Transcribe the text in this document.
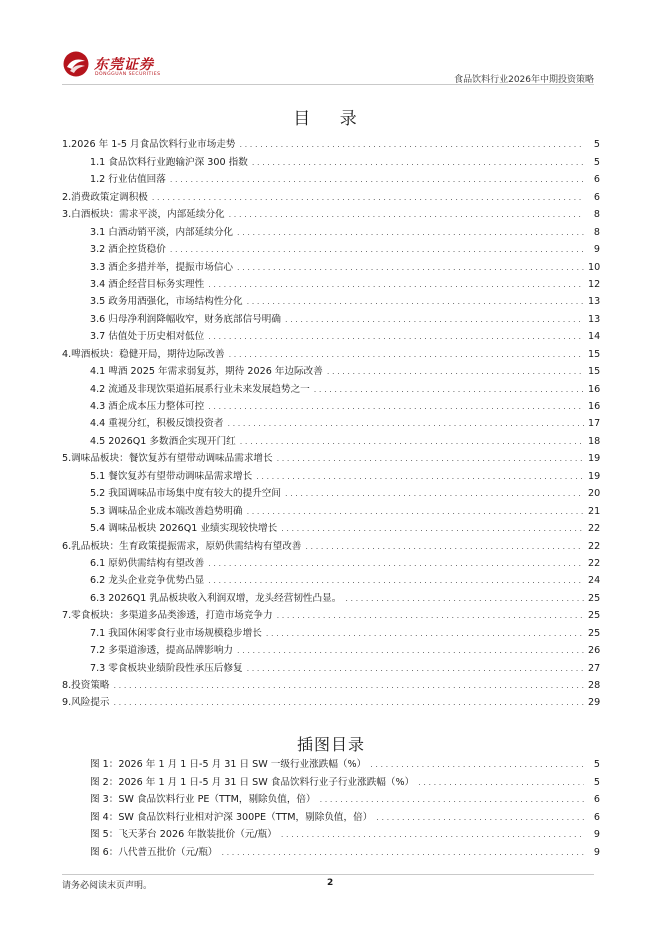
东莞证券
DONGGUAN SECURITIES
食品饮料行业2026年中期投资策略
目 录
1.2026 年 1-5 月食品饮料行业市场走势 .....	5
1.1 食品饮料行业跑输沪深 300 指数 .....	5
1.2 行业估值回落 .....	6
2.消费政策定调积极 .....	6
3.白酒板块：需求平淡，内部延续分化 .....	8
3.1 白酒动销平淡，内部延续分化 .....	8
3.2 酒企控货稳价 .....	9
3.3 酒企多措并举，提振市场信心 .....	10
3.4 酒企经营目标务实理性 .....	12
3.5 政务用酒强化，市场结构性分化 .....	13
3.6 归母净利润降幅收窄，财务底部信号明确 .....	13
3.7 估值处于历史相对低位 .....	14
4.啤酒板块：稳健开局，期待边际改善 .....	15
4.1 啤酒 2025 年需求弱复苏，期待 2026 年边际改善 .....	15
4.2 流通及非现饮渠道拓展系行业未来发展趋势之一 .....	16
4.3 酒企成本压力整体可控 .....	16
4.4 重视分红，积极反馈投资者 .....	17
4.5 2026Q1 多数酒企实现开门红 .....	18
5.调味品板块：餐饮复苏有望带动调味品需求增长 .....	19
5.1 餐饮复苏有望带动调味品需求增长 .....	19
5.2 我国调味品市场集中度有较大的提升空间 .....	20
5.3 调味品企业成本端改善趋势明确 .....	21
5.4 调味品板块 2026Q1 业绩实现较快增长 .....	22
6.乳品板块：生育政策提振需求，原奶供需结构有望改善 .....	22
6.1 原奶供需结构有望改善 .....	22
6.2 龙头企业竞争优势凸显 .....	24
6.3 2026Q1 乳品板块收入利润双增，龙头经营韧性凸显。 .....	25
7.零食板块：多渠道多品类渗透，打造市场竞争力 .....	25
7.1 我国休闲零食行业市场规模稳步增长 .....	25
7.2 多渠道渗透，提高品牌影响力 .....	26
7.3 零食板块业绩阶段性承压后修复 .....	27
8.投资策略 .....	28
9.风险提示 .....	29
插图目录
图 1：2026 年 1 月 1 日-5 月 31 日 SW 一级行业涨跌幅（%） .....	5
图 2：2026 年 1 月 1 日-5 月 31 日 SW 食品饮料行业子行业涨跌幅（%） .....	5
图 3：SW 食品饮料行业 PE（TTM，剔除负值，倍） .....	6
图 4：SW 食品饮料行业相对沪深 300PE（TTM，剔除负值，倍） .....	6
图 5：飞天茅台 2026 年散装批价（元/瓶） .....	9
图 6：八代普五批价（元/瓶） .....	9
请务必阅读末页声明。	2
